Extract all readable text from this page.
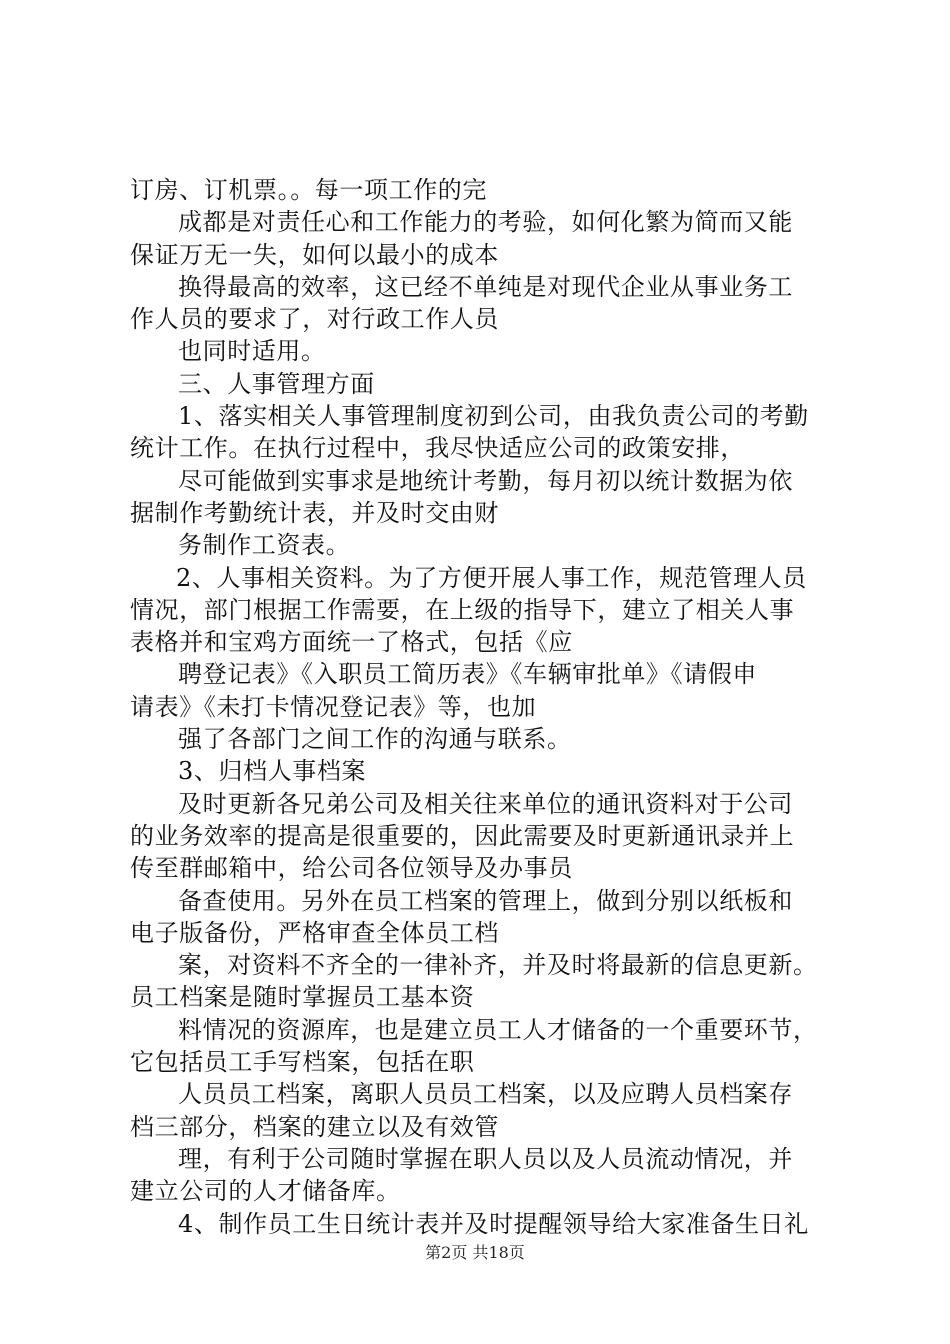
订房、订机票。。每一项工作的完
成都是对责任心和工作能力的考验，如何化繁为简而又能
保证万无一失，如何以最小的成本
换得最高的效率，这已经不单纯是对现代企业从事业务工
作人员的要求了，对行政工作人员
也同时适用。
三、人事管理方面
1、落实相关人事管理制度初到公司，由我负责公司的考勤
统计工作。在执行过程中，我尽快适应公司的政策安排，
尽可能做到实事求是地统计考勤，每月初以统计数据为依
据制作考勤统计表，并及时交由财
务制作工资表。
2、人事相关资料。为了方便开展人事工作，规范管理人员
情况，部门根据工作需要，在上级的指导下，建立了相关人事
表格并和宝鸡方面统一了格式，包括《应
聘登记表》《入职员工简历表》《车辆审批单》《请假申
请表》《未打卡情况登记表》等，也加
强了各部门之间工作的沟通与联系。
3、归档人事档案
及时更新各兄弟公司及相关往来单位的通讯资料对于公司
的业务效率的提高是很重要的，因此需要及时更新通讯录并上
传至群邮箱中，给公司各位领导及办事员
备查使用。另外在员工档案的管理上，做到分别以纸板和
电子版备份，严格审查全体员工档
案，对资料不齐全的一律补齐，并及时将最新的信息更新。
员工档案是随时掌握员工基本资
料情况的资源库，也是建立员工人才储备的一个重要环节，
它包括员工手写档案，包括在职
人员员工档案，离职人员员工档案，以及应聘人员档案存
档三部分，档案的建立以及有效管
理，有利于公司随时掌握在职人员以及人员流动情况，并
建立公司的人才储备库。
4、制作员工生日统计表并及时提醒领导给大家准备生日礼
第2页 共18页
